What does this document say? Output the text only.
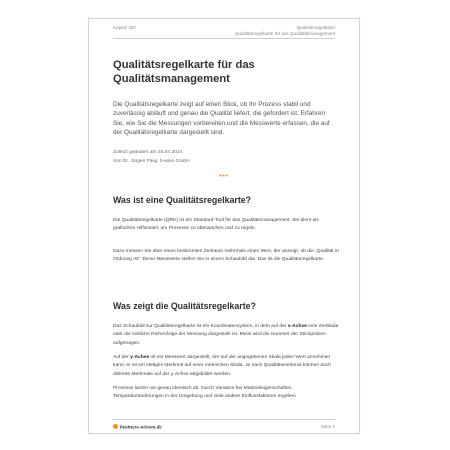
Kapitel 287	Qualitätsregelkarte
Qualitätsregelkarte für das Qualitätsmanagement
Qualitätsregelkarte für das Qualitätsmanagement

Die Qualitätsregelkarte zeigt auf einen Blick, ob Ihr Prozess stabil und zuverlässig abläuft und genau die Qualität liefert, die gefordert ist. Erfahren Sie, wie Sie die Messungen vorbereiten und die Messwerte erfassen, die auf der Qualitätsregelkarte dargestellt sind.

Zuletzt geändert am 25.04.2024
Von Dr. Jürgen Fleig, b-wise GmbH
•••
Was ist eine Qualitätsregelkarte?

Die Qualitätsregelkarte (QRK) ist ein Standard-Tool für das Qualitätsmanagement. Sie dient als grafisches Hilfsmittel, um Prozesse zu überwachen und zu regeln.

Dazu messen Sie über einen bestimmten Zeitraum mehrmals einen Wert, der anzeigt, ob die „Qualität in Ordnung ist“. Diese Messwerte stellen Sie in einem Schaubild dar. Das ist die Qualitätsregelkarte.

Was zeigt die Qualitätsregelkarte?

Das Schaubild zur Qualitätsregelkarte ist ein Koordinatensystem, in dem auf der x-Achse eine Zeitskala oder die zeitliche Reihenfolge der Messung dargestellt ist. Meist wird die Nummer der Stichproben aufgetragen.

Auf der y-Achse ist ein Messwert dargestellt, der auf der angegebenen Skala jeden Wert annehmen kann; er ist ein stetiges Merkmal auf einer metrischen Skala. Je nach Qualitätsmerkmal können auch diskrete Merkmale auf der y-Achse abgebildet werden.

Prozesse laufen nie genau identisch ab. Durch Variation bei Materialeigenschaften, Temperaturänderungen in der Umgebung und viele andere Einflussfaktoren ergeben

business-wissen.de	Seite 2
